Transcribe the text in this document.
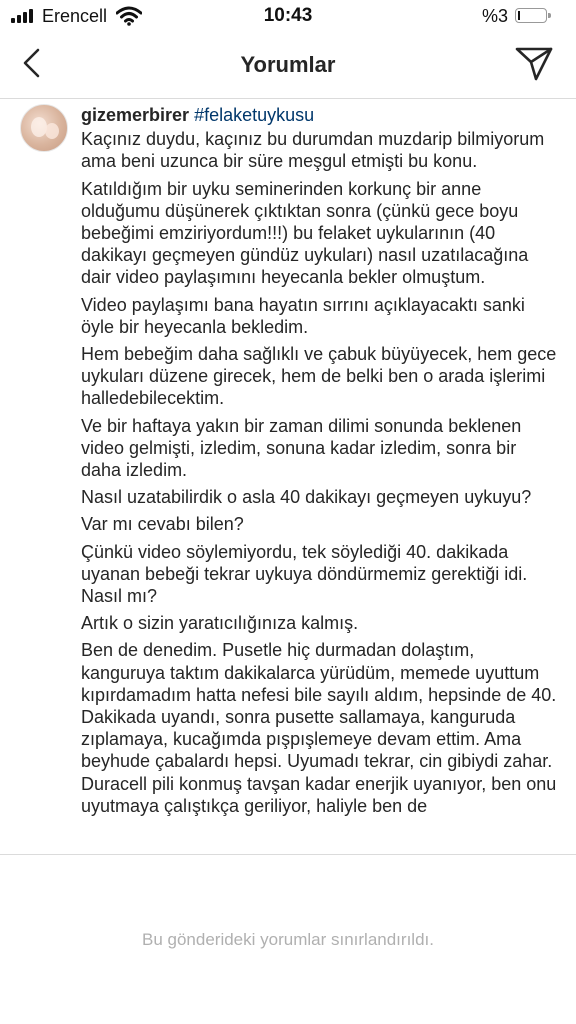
Erencell	10:43	%3
Yorumlar
gizemerbirer #felaketuykusu
Kaçınız duydu, kaçınız bu durumdan muzdarip bilmiyorum ama beni uzunca bir süre meşgul etmişti bu konu.
Katıldığım bir uyku seminerinden korkunç bir anne olduğumu düşünerek çıktıktan sonra (çünkü gece boyu bebeğimi emziriyordum!!!) bu felaket uykularının (40 dakikayı geçmeyen gündüz uykuları) nasıl uzatılacağına dair video paylaşımını heyecanla bekler olmuştum.
Video paylaşımı bana hayatın sırrını açıklayacaktı sanki öyle bir heyecanla bekledim.
Hem bebeğim daha sağlıklı ve çabuk büyüyecek, hem gece uykuları düzene girecek, hem de belki ben o arada işlerimi halledebilecektim.
Ve bir haftaya yakın bir zaman dilimi sonunda beklenen video gelmişti, izledim, sonuna kadar izledim, sonra bir daha izledim.
Nasıl uzatabilirdik o asla 40 dakikayı geçmeyen uykuyu?
Var mı cevabı bilen?
Çünkü video söylemiyordu, tek söylediği 40. dakikada uyanan bebeği tekrar uykuya döndürmemiz gerektiği idi. Nasıl mı?
Artık o sizin yaratıcılığınıza kalmış.
Ben de denedim. Pusetle hiç durmadan dolaştım, kanguruya taktım dakikalarca yürüdüm, memede uyuttum kıpırdamadım hatta nefesi bile sayılı aldım, hepsinde de 40. Dakikada uyandı, sonra pusette sallamaya, kanguruda zıplamaya, kucağımda pışpışlemeye devam ettim. Ama beyhude çabalardı hepsi. Uyumadı tekrar, cin gibiydi zahar. Duracell pili konmuş tavşan kadar enerjik uyanıyor, ben onu uyutmaya çalıştıkça geriliyor, haliyle ben de
Bu gönderideki yorumlar sınırlandırıldı.
